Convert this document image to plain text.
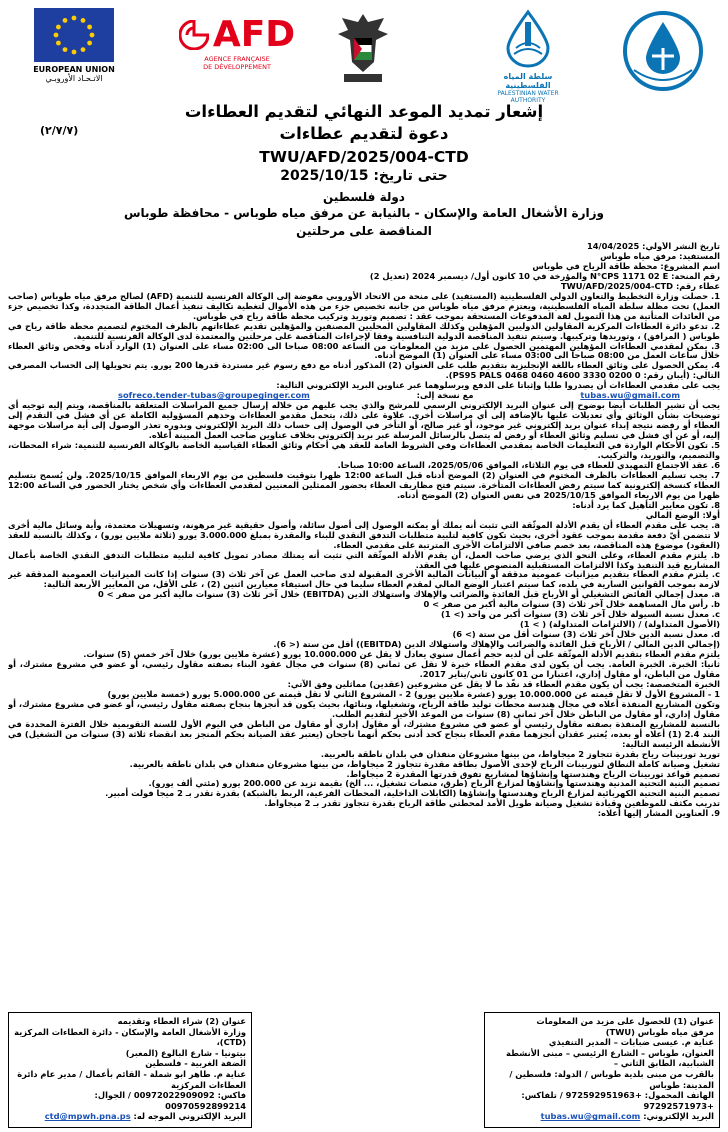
EUROPEAN UNION
الاتـحـاد الأوروبـي
AFD
AGENCE FRANÇAISE
DE DÉVELOPPEMENT
سلطة المياه الفلسطينية
PALESTINIAN WATER AUTHORITY
إشعار تمديد الموعد النهائي لتقديم العطاءات
دعوة لتقديم عطاءات
(٢/٧/٧)
TWU/AFD/2025/004-CTD
حتى تاريخ: 2025/10/15
دولة فلسطين
وزارة الأشغال العامة والإسكان - بالنيابة عن مرفق مياه طوباس - محافظة طوباس
المناقصة على مرحلتين

تاريخ النشر الأولي: 14/04/2025

المستفيد: مرفق مياه طوباس

اسم المشروع: محطة طاقة الرياح في طوباس

رقم المنحة: N°CPS 1171 02 E والمؤرخة في 10 كانون أول/ ديسمبر 2024 (تعديل 2)

عطاء رقم: TWU/AFD/2025/004-CTD

1. حصلت وزارة التخطيط والتعاون الدولي الفلسطينية (المستفيد) على منحة من الاتحاد الأوروبي مفوضة إلى الوكالة الفرنسية للتنمية (AFD) لصالح مرفق مياه طوباس (صاحب العمل) تحت مظلة سلطة المياه الفلسطينية، ويعتزم مرفق مياه طوباس من جانبه تخصيص جزء من هذه الأموال لتغطية تكاليف تنفيذ أعمال الطاقة المتجددة، وكذا تخصيص جزء من العائدات المتأتية من هذا التمويل لفة المدفوعات المستحقة بموجب عقد : تصميم وتوريد وتركيب محطة طاقة رياح في طوباس.

2. تدعو دائرة العطاءات المركزية المقاولين الدوليين المؤهلين وكذلك المقاولين المحليين المصنفين والمؤهلين تقديم عطاءاتهم بالظرف المختوم لتصميم محطة طاقة رياح في طوباس ( المرافق) ، وتوريدها وتركيبها. وسيتم تنفيذ المناقصة الدولية التنافسية وفقا لإجراءات المناقصة على مرحلتين والمعتمدة لدى الوكالة الفرنسية للتنمية.

3. يمكن لمقدمي العطاءات المؤهلين المهتمين الحصول على مزيد من المعلومات من الساعة 08:00 صباحا الى 02:00 مساء على العنوان (1) الوارد أدناه وفحص وثائق العطاء خلال ساعات العمل من 08:00 صباحا الى 03:00 مساء على العنوان (1) الموضح أدناه.

4. يمكن الحصول على وثائق العطاء باللغة الإنجليزية بتقديم طلب على العنوان (2) المذكور أدناه مع دفع رسوم غير مستردة قدرها 200 يورو. يتم تحويلها إلى الحساب المصرفي التالي: (أيبان رقم: PS95 PALS 0468 0460 4600 3330 0200 0).

يجب على مقدمي العطاءات أن يصدروا طلبا وإثباتا على الدفع ويرسلوهما عبر عناوين البريد الإلكتروني التالية:

tubas.wu@gmail.com
مع نسخة إلى:
sofreco.tender-tubas@groupeginger.com

يجب أن تشير الطلبات أيضا بوضوح إلى عنوان البريد الإلكتروني الرسمي للمرشح والذي يجب عليهم من خلاله إرسال جميع المراسلات المتعلقة بالمناقصة، ويتم إليه توجيه أي توضيحات بشأن الوثائق وأي تعديلات عليها بالإضافة إلى أي مراسلات أخرى. علاوة على ذلك، يتحمل مقدمو العطاءات وحدهم المسؤولية الكاملة عن أي فشل في التقدم إلى العطاء أو رفضه نتيجة إبداء عنوان بريد إلكتروني غير موجود، أو غير صالح، أو التأخر في الوصول إلى حساب ذلك البريد الإلكتروني وبدوره تعذر الوصول إلى أية مراسلات موجهة إليه، أو عن أي فشل في تسليم وثائق العطاء أو رفض له يتصل بالرسائل المرسلة عبر بريد إلكتروني بخلاف عناوين صاحب العمل المبينة أعلاه.

5. تكون الأحكام الواردة في التعليمات الخاصة بمقدمي العطاءات وفي الشروط العامة للعقد هي أحكام وثائق العطاء القياسية الخاصة بالوكالة الفرنسية للتنمية: شراء المحطات، والتصميم، والتوريد، والتركيب.

6. عقد الاجتماع التمهيدي للعطاء في يوم الثلاثاء، الموافق 2025/05/06، الساعة 10:00 صباحا.

7. يجب تسليم العطاءات بالظرف المختوم في العنوان (2) الموضح أدناه قبل الساعة 12:00 ظهرا بتوقيت فلسطين من يوم الاربعاء الموافق 2025/10/15. ولن يُسمح بتسليم العطاء كنسخة إلكترونية كما سيتم رفض العطاءات المتأخرة. سيتم فتح مظاريف العطاء بحضور الممثلين المعنيين لمقدمي العطاءات وأي شخص يختار الحضور في الساعة 12:00 ظهرا من يوم الاربعاء الموافق 2025/10/15 في نفس العنوان (2) الموضح أدناه.

8. تكون معايير التأهيل كما يرد أدناه:

أولا: الوضع المالي

a. يجب على مقدم العطاء أن يقدم الأدلة الموثّقة التي تثبت أنه يملك أو يمكنه الوصول إلى أصول سائلة، وأصول حقيقية غير مرهونة، وتسهيلات معتمدة، وأية وسائل مالية أخرى لا تتضمن أيّ دفعة مقدمة بموجب عقود أخرى، بحيث تكون كافية لتلبية متطلبات التدفق النقدي للبناء والمقدرة بمبلغ 3.000.000 يورو (ثلاثة ملايين يورو) ، وكذلك بالنسبة للعقد (العقود) موضوع هذه المناقصة، بعد خصم صافي الالتزامات الأخرى المترتبة على مقدمي العطاء.

b. يلتزم مقدم العطاء، وعلى النحو الذي يرضي صاحب العمل، أن يقدم الأدلة الموثّقة التي تثبت أنه يمتلك مصادر تمويل كافية لتلبية متطلبات التدفق النقدي الخاصة بأعمال المشاريع قيد التنفيذ وكذا الالتزامات المستقبلية المنصوص عليها في العقد.

c. يلتزم مقدم العطاء بتقديم ميزانيات عمومية مدققة أو البيانات المالية الأخرى المقبولة لدى صاحب العمل عن آخر ثلاث (3) سنوات إذا كانت الميزانيات العمومية المدققة غير لازمة بموجب القوانين السارية في بلده، كما سيتم اعتبار الوضع المالي لمقدم العطاء سليما في حال استيفاء معيارين اثنين (2) ، على الأقل، من المعايير الأربعة التالية:

a. معدل إجمالي الفائض التشغيلي أو الأرباح قبل الفائدة والضرائب والإهلاك واستهلاك الدين (EBITDA) خلال آخر ثلاث (3) سنوات مالية أكبر من صفر > 0

b. رأس مال المساهمة خلال آخر ثلاث (3) سنوات مالية أكبر من صفر > 0

c. معدل نسبة السيولة خلال آخر ثلاث (3) سنوات أكبر من واحد (> 1)

(الأصول المتداولة) / (الالتزامات المتداولة) ( > 1)

d. معدل نسبة الدين خلال آخر ثلاث (3) سنوات أقل من ستة (> 6)

(إجمالي الدين المالي / الأرباح قبل الفائدة والضرائب والإهلاك واستهلاك الدين (EBITDA)) أقل من ستة (< 6).

يلتزم مقدم العطاء بتقديم الأدلة الموثّقة على أن لديه حجم أعمال سنوي يعادل لا يقل عن 10.000.000 يورو (عشرة ملايين يورو) خلال آخر خمس (5) سنوات.

ثانيا: الخبرة. الخبرة العامة. يجب أن يكون لدى مقدم العطاء خبرة لا تقل عن ثماني (8) سنوات في مجال عقود البناء بصفته مقاول رئيسي، أو عضو في مشروع مشترك، أو مقاول من الباطن، أو مقاول إداري، اعتبارا من 01 كانون ثاني/يناير 2017.

الخبرة المتخصصة: يجب أن يكون مقدم العطاء قد نفّذ ما لا يقل عن مشروعين (عقدين) مماثلين وفق الآتي:

1 - المشروع الأول لا تقل قيمته عن 10.000.000 يورو (عشرة ملايين يورو) 2 - المشروع الثاني لا تقل قيمته عن 5.000.000 يورو (خمسة ملايين يورو)

وتكون المشاريع المنفذة أعلاه في مجال هندسة محطات توليد طاقة الرياح، وتشغيلها، وبنائها، بحيث يكون قد أنجزها بنجاح بصفته مقاول رئيسي، أو عضو في مشروع مشترك، أو مقاول إداري، أو مقاول من الباطن خلال آخر ثماني (8) سنوات من الموعد الأخير لتقديم الطلب.

بالنسبة للمشاريع المنفذة بصفته مقاول رئيسي أو عضو في مشروع مشترك، أو مقاول إداري أو مقاول من الباطن في اليوم الأول للسنة التقويمية خلال الفترة المحددة في البند 2.4 (1) أعلاه أو بعده، يُعتبر عقدان أنجزهما مقدم العطاء بنجاح كحد أدنى بحكم أنهما ناجحان (يعتبر عقد الصيانة بحكم المنجز بعد انقضاء ثلاثة (3) سنوات من التشغيل) في الأنشطة الرئيسة التالية:

توريد توربينات رياح بقدرة تتجاوز 2 ميجاواط، من بينها مشروعان منفذان في بلدان ناطقة بالعربية.

تشغيل وصيانة كاملة النطاق لتوربينات الرياح لإحدى الأصول بطاقة مقدرة تتجاوز 2 ميجاواط، من بينها مشروعان منفذان في بلدان ناطقة بالعربية.

تصميم قواعد توربينات الرياح وهندستها وإنشاؤها لمشاريع تفوق قدرتها المقدرة 2 ميجاواط.

تصميم البنية التحتية المدنية وهندستها وإنشاؤها لمزارع الرياح (طرق، منصات تشغيل، ... الخ) بقيمة تزيد عن 200.000 يورو (مئتي ألف يورو).

تصميم البنية التحتية الكهربائية لمزارع الرياح وهندستها وإنشاؤها (الكابلات الداخلية، المحطات الفرعية، الربط بالشبكة) بقدرة تقدر بـ 2 ميجا فولت أمبير.

تدريب مكثف للموظفين وقيادة تشغيل وصيانة طويل الأمد لمحطتي طاقة الرياح بقدرة تتجاوز تقدر بـ 2 ميجاواط.

9. العناوين المشار إليها أعلاه:

عنوان (1) للحصول على مزيد من المعلومات
مرفق مياه طوباس (TWU)
عناية م. عيسى ضبابات – المدير التنفيذي
العنوان، طوباس – الشارع الرئيسي – مبنى الأنشطة الشبابية، الطابق الثاني –
بالقرب من مبنى بلدية طوباس / الدولة: فلسطين / المدينة: طوباس
الهاتف المحمول: +972592951963 / تلفاكس: +97292571973
البريد الإلكتروني: tubas.wu@gmail.com
عنوان (2) شراء العطاء وتقديمه
وزارة الأشغال العامة والإسكان - دائرة العطاءات المركزية (CTD)،
بيتونيا - شارع البالوع (المعبر)
الضفة الغربية - فلسطين
عناية م. طاهر ابو شملة - القائم بأعمال / مدير عام دائرة العطاءات المركزية
فاكس: 00972022909092 / الجوال: 00970592899214
البريد الإلكتروني الموجه له: ctd@mpwh.pna.ps
